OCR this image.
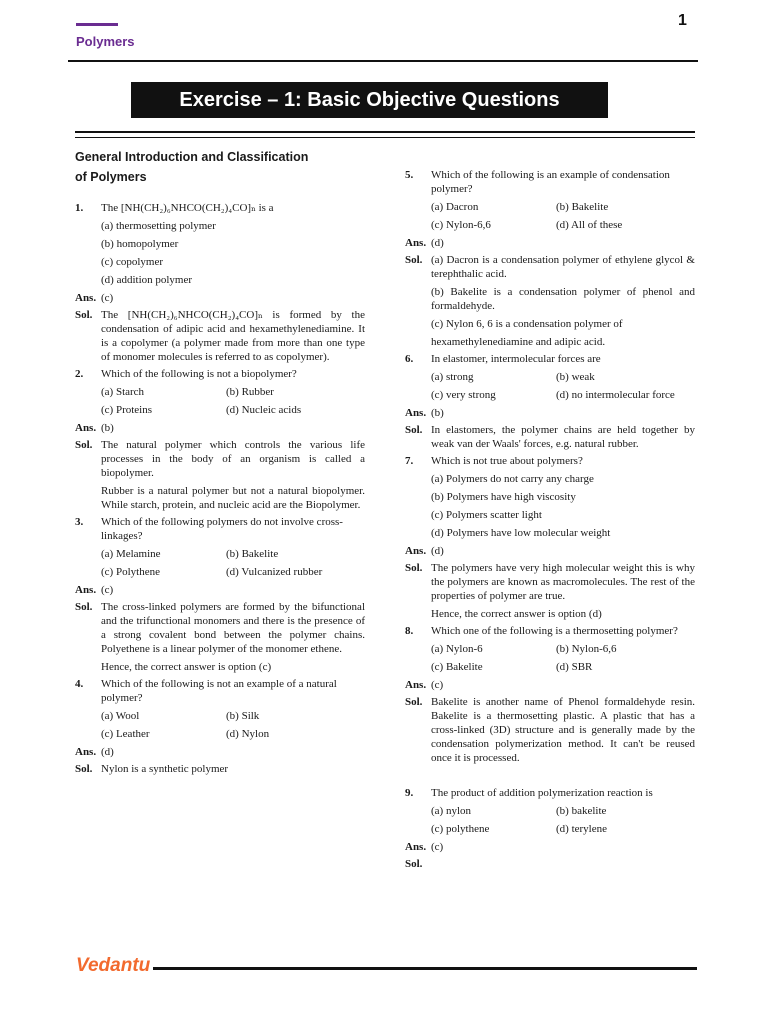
Polymers
1
Exercise – 1: Basic Objective Questions
General Introduction and Classification
of Polymers
1.	The [NH(CH₂)₆NHCO(CH₂)₄CO]ₙ is a

(a) thermosetting polymer
(b) homopolymer
(c) copolymer
(d) addition polymer
Ans. (c)
Sol. The [NH(CH₂)₆NHCO(CH₂)₄CO]ₙ is formed by the condensation of adipic acid and hexamethylenediamine. It is a copolymer (a polymer made from more than one type of monomer molecules is referred to as copolymer).

2.	Which of the following is not a biopolymer?

(a) Starch	(b) Rubber
(c) Proteins	(d) Nucleic acids
Ans. (b)
Sol. The natural polymer which controls the various life processes in the body of an organism is called a biopolymer.

Rubber is a natural polymer but not a natural biopolymer. While starch, protein, and nucleic acid are the Biopolymer.

3.	Which of the following polymers do not involve cross-linkages?

(a) Melamine	(b) Bakelite
(c) Polythene	(d) Vulcanized rubber
Ans. (c)
Sol. The cross-linked polymers are formed by the bifunctional and the trifunctional monomers and there is the presence of a strong covalent bond between the polymer chains. Polyethene is a linear polymer of the monomer ethene.

Hence, the correct answer is option (c)

4.	Which of the following is not an example of a natural polymer?

(a) Wool	(b) Silk
(c) Leather	(d) Nylon
Ans. (d)
Sol. Nylon is a synthetic polymer

5.	Which of the following is an example of condensation polymer?

(a) Dacron	(b) Bakelite
(c) Nylon-6,6	(d) All of these
Ans. (d)
Sol. (a) Dacron is a condensation polymer of ethylene glycol & terephthalic acid.

(b) Bakelite is a condensation polymer of phenol and formaldehyde.

(c) Nylon 6, 6 is a condensation polymer of

hexamethylenediamine and adipic acid.

6.	In elastomer, intermolecular forces are

(a) strong	(b) weak
(c) very strong	(d) no intermolecular force
Ans. (b)
Sol. In elastomers, the polymer chains are held together by weak van der Waals' forces, e.g. natural rubber.

7.	Which is not true about polymers?

(a) Polymers do not carry any charge
(b) Polymers have high viscosity
(c) Polymers scatter light
(d) Polymers have low molecular weight
Ans. (d)
Sol. The polymers have very high molecular weight this is why the polymers are known as macromolecules. The rest of the properties of polymer are true.

Hence, the correct answer is option (d)

8.	Which one of the following is a thermosetting polymer?

(a) Nylon-6	(b) Nylon-6,6
(c) Bakelite	(d) SBR
Ans. (c)
Sol. Bakelite is another name of Phenol formaldehyde resin. Bakelite is a thermosetting plastic. A plastic that has a cross-linked (3D) structure and is generally made by the condensation polymerization method. It can't be reused once it is processed.

9.	The product of addition polymerization reaction is

(a) nylon	(b) bakelite
(c) polythene	(d) terylene
Ans. (c)
Sol.
Vedantu
